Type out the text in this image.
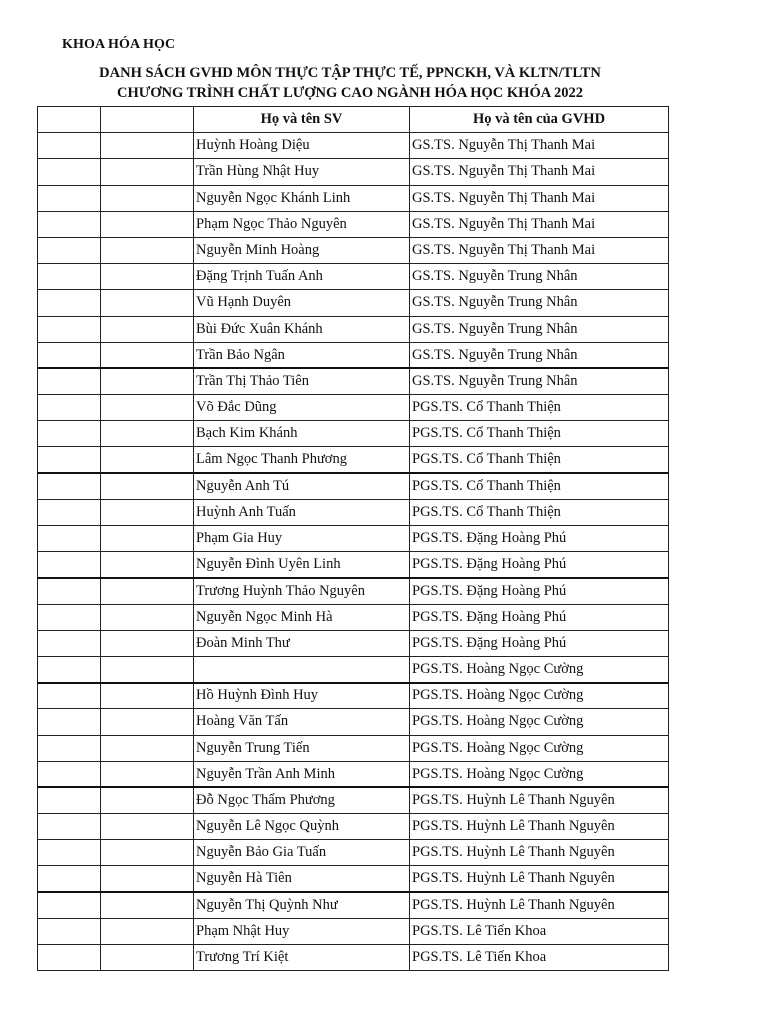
KHOA HÓA HỌC
DANH SÁCH GVHD MÔN THỰC TẬP THỰC TẾ, PPNCKH, VÀ KLTN/TLTN
CHƯƠNG TRÌNH CHẤT LƯỢNG CAO NGÀNH HÓA HỌC KHÓA 2022
		Họ và tên SV	Họ và tên của GVHD
		Huỳnh Hoàng Diệu	GS.TS. Nguyễn Thị Thanh Mai
		Trần Hùng Nhật Huy	GS.TS. Nguyễn Thị Thanh Mai
		Nguyễn Ngọc Khánh Linh	GS.TS. Nguyễn Thị Thanh Mai
		Phạm Ngọc Thảo Nguyên	GS.TS. Nguyễn Thị Thanh Mai
		Nguyễn Minh Hoàng	GS.TS. Nguyễn Thị Thanh Mai
		Đặng Trịnh Tuấn Anh	GS.TS. Nguyễn Trung Nhân
		Vũ Hạnh Duyên	GS.TS. Nguyễn Trung Nhân
		Bùi Đức Xuân Khánh	GS.TS. Nguyễn Trung Nhân
		Trần Bảo Ngân	GS.TS. Nguyễn Trung Nhân
		Trần Thị Thảo Tiên	GS.TS. Nguyễn Trung Nhân
		Võ Đắc Dũng	PGS.TS. Cổ Thanh Thiện
		Bạch Kim Khánh	PGS.TS. Cổ Thanh Thiện
		Lâm Ngọc Thanh Phương	PGS.TS. Cổ Thanh Thiện
		Nguyễn Anh Tú	PGS.TS. Cổ Thanh Thiện
		Huỳnh Anh Tuấn	PGS.TS. Cổ Thanh Thiện
		Phạm Gia Huy	PGS.TS. Đặng Hoàng Phú
		Nguyễn Đình Uyên Linh	PGS.TS. Đặng Hoàng Phú
		Trương Huỳnh Thảo Nguyên	PGS.TS. Đặng Hoàng Phú
		Nguyễn Ngọc Minh Hà	PGS.TS. Đặng Hoàng Phú
		Đoàn Minh Thư	PGS.TS. Đặng Hoàng Phú
			PGS.TS. Hoàng Ngọc Cường
		Hồ Huỳnh Đình Huy	PGS.TS. Hoàng Ngọc Cường
		Hoàng Văn Tấn	PGS.TS. Hoàng Ngọc Cường
		Nguyễn Trung Tiến	PGS.TS. Hoàng Ngọc Cường
		Nguyễn Trần Anh Minh	PGS.TS. Hoàng Ngọc Cường
		Đỗ Ngọc Thẩm Phương	PGS.TS. Huỳnh Lê Thanh Nguyên
		Nguyễn Lê Ngọc Quỳnh	PGS.TS. Huỳnh Lê Thanh Nguyên
		Nguyễn Bảo Gia Tuấn	PGS.TS. Huỳnh Lê Thanh Nguyên
		Nguyễn Hà Tiên	PGS.TS. Huỳnh Lê Thanh Nguyên
		Nguyễn Thị Quỳnh Như	PGS.TS. Huỳnh Lê Thanh Nguyên
		Phạm Nhật Huy	PGS.TS. Lê Tiến Khoa
		Trương Trí Kiệt	PGS.TS. Lê Tiến Khoa
